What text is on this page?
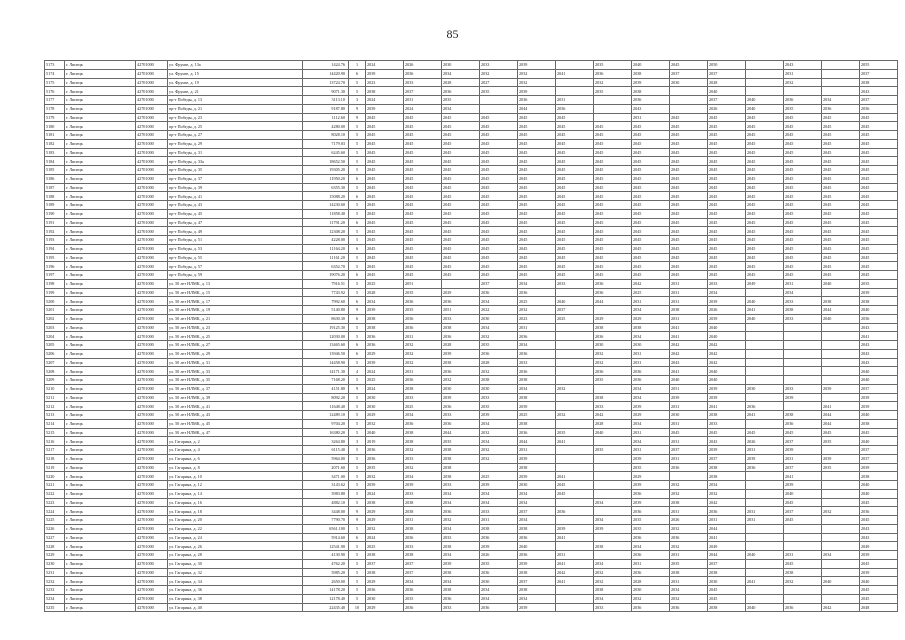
85
5173	г. Липецк	42701000	ул. Фрунзе, д. 13а	1424.76	1	2024	2026	2030	2033	2039		2035	2040	2045	2050		2043		2055
5174	г. Липецк	42701000	ул. Фрунзе, д. 15	14420.90	6	2039	2036	2034	2032	2032	2041	2036	2038	2037	2037		2031		2037
5175	г. Липецк	42701000	ул. Фрунзе, д. 19	13724.70	5	2023	2033	2028	2027	2032		2032	2039	2030	2028		2032		2038
5176	г. Липецк	42701000	ул. Фрунзе, д. 21	9071.30	5	2038	2037	2036	2035	2039		2035	2038		2040				2043
5177	г. Липецк	42701000	пр-т Победы, д. 13	3113.10	3	2024	2031	2035		2036	2031		2036		2037	2040	2036	2034	2037
5178	г. Липецк	42701000	пр-т Победы, д. 21	9187.80	9	2039	2024	2034		2044	2036		2043		2026	2040	2035	2036	2036
5179	г. Липецк	42701000	пр-т Победы, д. 23	1112.60	9	2045	2045	2045	2045	2045	2045		2031	2045	2045	2045	2045	2045	2045
5180	г. Липецк	42701000	пр-т Победы, д. 25	4280.00	5	2045	2045	2045	2045	2045	2045	2045	2045	2045	2045	2045	2045	2045	2045
5181	г. Липецк	42701000	пр-т Победы, д. 27	8028.10	5	2045	2045	2045	2045	2045	2045	2045	2045	2045	2045	2045	2045	2045	2045
5182	г. Липецк	42701000	пр-т Победы, д. 29	7179.03	5	2045	2045	2045	2045	2045	2045	2045	2045	2045	2045	2045	2045	2045	2045
5183	г. Липецк	42701000	пр-т Победы, д. 31	6245.60	5	2045	2045	2045	2045	2045	2045	2045	2045	2045	2045	2045	2045	2045	2045
5184	г. Липецк	42701000	пр-т Победы, д. 33а	18652.50	5	2045	2045	2045	2045	2045	2045	2045	2045	2045	2045	2045	2045	2045	2045
5185	г. Липецк	42701000	пр-т Победы, д. 35	19305.20	5	2045	2045	2045	2045	2045	2045	2045	2045	2045	2045	2045	2045	2045	2045
5186	г. Липецк	42701000	пр-т Победы, д. 37	11950.20	6	2045	2045	2045	2045	2045	2045	2045	2045	2045	2045	2045	2045	2045	2045
5187	г. Липецк	42701000	пр-т Победы, д. 39	6355.30	5	2045	2045	2045	2045	2045	2045	2045	2045	2045	2045	2045	2045	2045	2045
5188	г. Липецк	42701000	пр-т Победы, д. 41	15088.20	6	2045	2045	2045	2045	2045	2045	2045	2045	2045	2045	2045	2045	2045	2045
5189	г. Липецк	42701000	пр-т Победы, д. 43	14230.60	5	2045	2045	2045	2045	2045	2045	2045	2045	2045	2045	2045	2045	2045	2045
5190	г. Липецк	42701000	пр-т Победы, д. 45	11858.40	5	2045	2045	2045	2045	2045	2045	2045	2045	2045	2045	2045	2045	2045	2045
5191	г. Липецк	42701000	пр-т Победы, д. 47	11791.20	6	2045	2045	2045	2045	2045	2045	2045	2045	2045	2045	2045	2045	2045	2045
5192	г. Липецк	42701000	пр-т Победы, д. 49	12308.20	5	2045	2045	2045	2045	2045	2045	2045	2045	2045	2045	2045	2045	2045	2045
5193	г. Липецк	42701000	пр-т Победы, д. 51	4228.00	5	2045	2045	2045	2045	2045	2045	2045	2045	2045	2045	2045	2045	2045	2045
5194	г. Липецк	42701000	пр-т Победы, д. 53	11164.20	6	2045	2045	2045	2045	2045	2045	2045	2045	2045	2045	2045	2045	2045	2045
5195	г. Липецк	42701000	пр-т Победы, д. 55	11161.20	5	2045	2045	2045	2045	2045	2045	2045	2045	2045	2045	2045	2045	2045	2045
5196	г. Липецк	42701000	пр-т Победы, д. 57	6352.70	5	2045	2045	2045	2045	2045	2045	2045	2045	2045	2045	2045	2045	2045	2045
5197	г. Липецк	42701000	пр-т Победы, д. 59	19076.20	6	2045	2045	2045	2045	2045	2045	2045	2045	2045	2045	2045	2045	2045	2045
5198	г. Липецк	42701000	ул. 50 лет НЛМК, д. 13	7916.51	5	2025	2051		2037	2034	2033	2036	2042	2031	2033	2049	2031	2040	2035
5199	г. Липецк	42701000	ул. 50 лет НЛМК, д. 15	7743.92	5	2028	2035	2029	2036	2036		2036	2025	2031	2034		2034		2039
5200	г. Липецк	42701000	ул. 50 лет НЛМК, д. 17	7992.60	6	2034	2036	2036	2034	2025	2040	2044	2031	2031	2039	2040	2033	2038	2038
5201	г. Липецк	42701000	ул. 50 лет НЛМК, д. 19	5140.80	9	2039	2035	2051	2022	2032	2037		2034	2038	2026	2041	2038	2044	2040
5202	г. Липецк	42701000	ул. 50 лет НЛМК, д. 21	8630.30	6	2038	2036	2033	2030	2023	2025	2029	2029	2031	2039	2040	2033	2040	2036
5203	г. Липецк	42701000	ул. 50 лет НЛМК, д. 23	19125.30	5	2038	2036	2038	2034	2031		2038	2038	2041	2040				2043
5204	г. Липецк	42701000	ул. 50 лет НЛМК, д. 25	12030.00	5	2036	2031	2036	2032	2036		2036	2034	2041	2040				2041
5205	г. Липецк	42701000	ул. 50 лет НЛМК, д. 27	13465.60	6	2036	2032	2028	2035	2034		2030	2030	2042	2042				2043
5206	г. Липецк	42701000	ул. 50 лет НЛМК, д. 29	13946.50	6	2029	2032	2039	2036	2036		2032	2031	2042	2042				2043
5207	г. Липецк	42701000	ул. 50 лет НЛМК, д. 31	14458.90	5	2039	2032	2038	2028	2033		2032	2031	2043	2042				2043
5208	г. Липецк	42701000	ул. 50 лет НЛМК, д. 33	14171.30	4	2024	2031	2036	2032	2036		2036	2036	2041	2040				2040
5209	г. Липецк	42701000	ул. 50 лет НЛМК, д. 35	7168.20	5	2025	2036	2032	2038	2038		2035	2036	2040	2040				2040
5210	г. Липецк	42701000	ул. 50 лет НЛМК, д. 37	4151.80	9	2024	2038	2030	2030	2034	2032		2034	2051	2039	2030	2033	2039	2037
5211	г. Липецк	42701000	ул. 50 лет НЛМК, д. 39	8092.20	5	2030	2033	2039	2033	2038		2038	2034	2039	2039		2039		2039
5212	г. Липецк	42701000	ул. 50 лет НЛМК, д. 41	11648.40	5	2030	2025	2036	2035	2039		2033	2039	2031	2041	2036		2041	2039
5213	г. Липецк	42701000	ул. 50 лет НЛМК, д. 43	12489.10	5	2029	2034	2033	2039	2025	2032	2042	2029	2030	2038	2041	2038	2044	2040
5214	г. Липецк	42701000	ул. 50 лет НЛМК, д. 45	9704.20	5	2032	2036	2036	2034	2038		2028	2034	2031	2033		2036	2044	2038
5215	г. Липецк	42701000	ул. 50 лет НЛМК, д. 47	16380.20	5	2040	2038	2044	2032	2036	2035	2040	2031	2045	2045	2045	2045	2045	2045
5216	г. Липецк	42701000	ул. Гагарина, д. 2	3264.80	3	2019	2038	2035	2034	2044	2041		2034	2031	2043	2026	2037	2035	2040
5217	г. Липецк	42701000	ул. Гагарина, д. 4	6115.40	5	2036	2032	2038	2032	2031		2035	2031	2037	2039	2031	2039		2037
5218	г. Липецк	42701000	ул. Гагарина, д. 6	5964.00	5	2036	2033	2038	2032	2039			2039	2031	2037	2039	2031	2039	2037
5219	г. Липецк	42701000	ул. Гагарина, д. 8	2071.60	5	2035	2032	2038		2038			2035	2036	2038	2036	2037	2035	2039
5220	г. Липецк	42701000	ул. Гагарина, д. 10	3471.00	5	2032	2034	2038	2025	2039	2041		2029		2038		2041		2038
5221	г. Липецк	42701000	ул. Гагарина, д. 12	3143.62	5	2039	2039	2033	2039	2030	2045		2039	2032	2034		2039		2040
5222	г. Липецк	42701000	ул. Гагарина, д. 14	3983.80	5	2024	2033	2034	2034	2034	2045		2036	2032	2032		2040		2040
5223	г. Липецк	42701000	ул. Гагарина, д. 16	4882.10	5	2038	2038	2034	2034	2034		2034	2039	2038	2042		2045		2045
5224	г. Липецк	42701000	ул. Гагарина, д. 18	3448.00	9	2029	2038	2036	2033	2037	2036		2036	2031	2036	2031	2037	2032	2036
5225	г. Липецк	42701000	ул. Гагарина, д. 20	7790.70	9	2029	2031	2032	2031	2034		2034	2035	2026	2031	2031	2045		2045
5226	г. Липецк	42701000	ул. Гагарина, д. 22	6561.100	5	2032	2038	2034	2038	2038	2039	2039	2035	2032	2044				2043
5227	г. Липецк	42701000	ул. Гагарина, д. 24	5914.60	6	2024	2036	2033	2036	2036	2041		2036	2036	2041				2043
5228	г. Липецк	42701000	ул. Гагарина, д. 26	12541.90	5	2025	2033	2038	2039	2040		2038	2034	2032	2049				2049
5229	г. Липецк	42701000	ул. Гагарина, д. 28	4130.90	5	2038	2038	2034	2026	2036	2031		2036	2031	2044	2040	2031	2034	2039
5230	г. Липецк	42701000	ул. Гагарина, д. 30	4762.20	5	2037	2037	2039	2035	2039	2041	2034	2031	2035	2037		2045		2045
5231	г. Липецк	42701000	ул. Гагарина, д. 32	3985.20	5	2038	2037	2038	2036	2038	2042	2032	2036	2038	2038		2038		2039
5232	г. Липецк	42701000	ул. Гагарина, д. 34	2650.00	5	2029	2034	2034	2030	2037	2041	2032	2028	2031	2030	2041	2032	2040	2040
5233	г. Липецк	42701000	ул. Гагарина, д. 36	14178.20	5	2036	2036	2038	2034	2038		2038	2030	2034	2045				2045
5234	г. Липецк	42701000	ул. Гагарина, д. 38	12178.40	5	2030	2035	2036	2034	2034		2034	2032	2032	2045				2045
5235	г. Липецк	42701000	ул. Гагарина, д. 40	22435.40	10	2029	2036	2033	2036	2039		2033	2036	2036	2038	2040	2036	2042	2048
